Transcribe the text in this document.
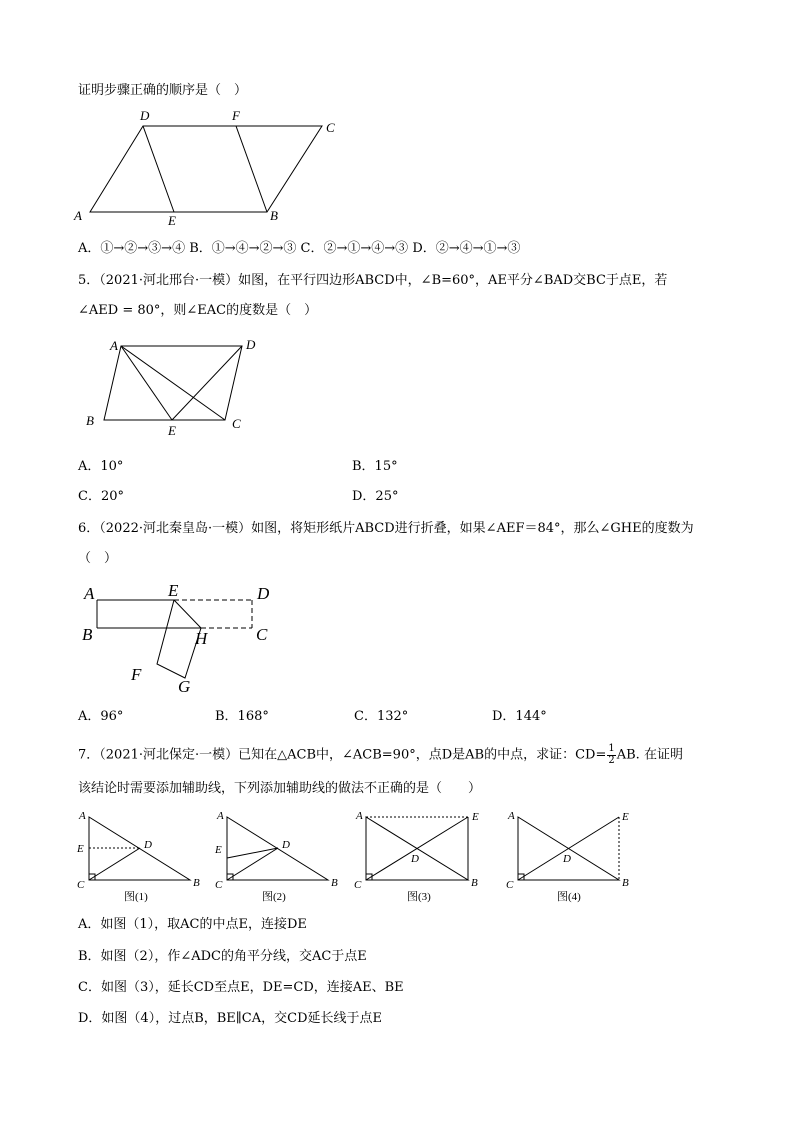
证明步骤正确的顺序是（　）
A
D	F
C
E	B
A．①→②→③→④ B．①→④→②→③ C．②→①→④→③ D．②→④→①→③
5．（2021·河北邢台·一模）如图，在平行四边形ABCD中，∠B=60°，AE平分∠BAD交BC于点E，若
∠AED = 80°，则∠EAC的度数是（　）
A	D
B
E	C
A．10°	B．15°
C．20°	D．25°
6．（2022·河北秦皇岛·一模）如图，将矩形纸片ABCD进行折叠，如果∠AEF＝84°，那么∠GHE的度数为
（　）
A
B
E	D
C
H
F
G
A．96°	B．168°	C．132°	D．144°
7．（2021·河北保定·一模）已知在△ACB中，∠ACB=90°，点D是AB的中点，求证：$CD= \frac{1}{2}$ AB. 在证明
该结论时需要添加辅助线，下列添加辅助线的做法不正确的是（　　）
A
E	D
C	B
图(1)
A
E	D
C	B
图(2)
A	E
D
C	B
图(3)
A	E
D
C	B
图(4)
A．如图（1），取AC的中点E，连接DE
B．如图（2），作∠ADC的角平分线，交AC于点E
C．如图（3），延长CD至点E，DE=CD，连接AE、BE
D．如图（4），过点B，BE∥CA，交CD延长线于点E
